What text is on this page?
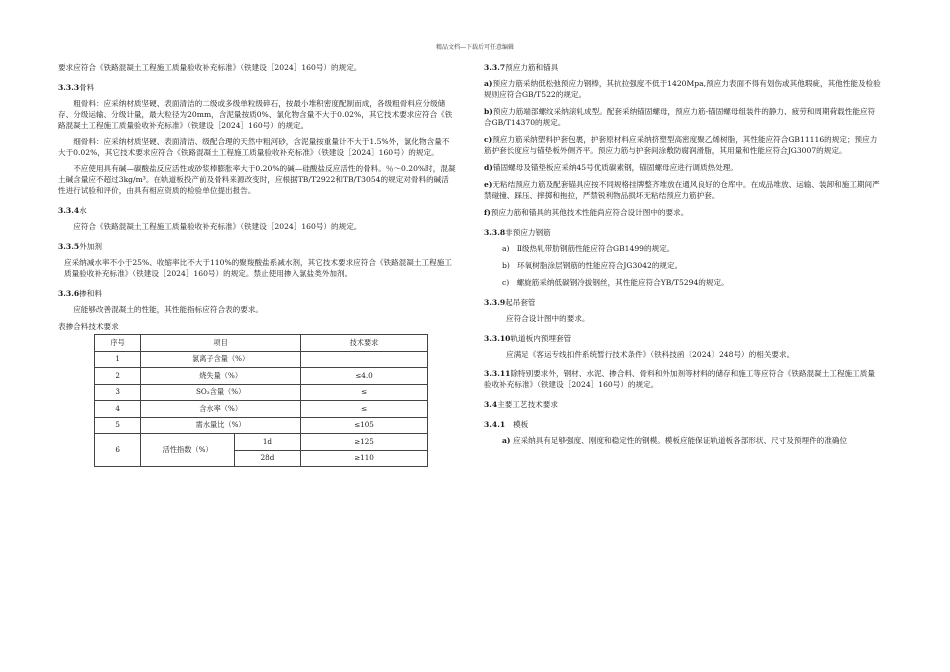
精品文档---下载后可任意编辑

要求应符合《铁路混凝土工程施工质量验收补充标准》（铁建设［2024］160号）的规定。

3.3.3骨料

粗骨料：应采纳材质坚硬、表面清洁的二级或多级单粒级碎石，按最小堆积密度配制而成，各级粗骨料应分级储存、分级运输、分级计量，最大粒径为20mm，含泥量按质0%、氯化物含量不大于0.02%，其它技术要求应符合《铁路混凝土工程施工质量验收补充标准》（铁建设［2024］160号）的规定。

细骨料：应采纳材质坚硬、表面清洁、级配合理的天然中粗河砂，含泥量按重量计不大于1.5%外，氯化物含量不大于0.02%，其它技术要求应符合《铁路混凝土工程施工质量验收补充标准》（铁建设［2024］160号）的规定。

不应使用具有碱—碳酸盐反应活性或砂浆棒膨胀率大于0.20%的碱—硅酸盐反应活性的骨料。％～0.20%时，混凝土碱含量应不超过3kg/m³。在轨道板投产前及骨料来源改变时，应根据TB/T2922和TB/T3054的规定对骨料的碱活性进行试验和评价，由具有相应资质的检验单位提出报告。

3.3.4水

应符合《铁路混凝土工程施工质量验收补充标准》（铁建设［2024］160号）的规定。

3.3.5外加剂

应采纳减水率不小于25%、收缩率比不大于110%的聚羧酸盐系减水剂，其它技术要求应符合《铁路混凝土工程施工质量验收补充标准》（铁建设［2024］160号）的规定。禁止使用掺入氯盐类外加剂。

3.3.6掺和料

应能够改善混凝土的性能，其性能指标应符合表的要求。

表掺合料技术要求

序号	项目		技术要求
1	氯离子含量（%）		
2	烧失量（%）		≤4.0
3	SO₃含量（%）		≤
4	含水率（%）		≤
5	需水量比（%）		≤105
6	活性指数（%）	1d	≥125
		28d	≥110

3.3.7预应力筋和锚具

a)预应力筋采纳低松弛预应力钢棒，其抗拉强度不低于1420Mpa,预应力表面不得有划伤或其他瑕疵，其他性能及检验规则应符合GB/T522的规定。

b)预应力筋端部螺纹采纳滚轧成型。配套采纳锚固螺母，预应力筋-锚固螺母组装件的静力、疲劳和周期荷载性能应符合GB/T14370的规定。

c)预应力筋采纳塑料护套包裹，护套原材料应采纳挤塑型高密度聚乙烯树脂，其性能应符合GB11116的规定；预应力筋护套长度应与锚垫板外侧齐平。预应力筋与护套间涂敷防腐润滑脂，其用量和性能应符合JG3007的规定。

d)锚固螺母及锚垫板应采纳45号优质碳素钢，锚固螺母应进行调质热处理。

e)无粘结预应力筋及配套锚具应按不同规格挂牌整齐堆放在通风良好的仓库中。在成品堆放、运输、装卸和施工期间严禁碰撞、踩压、摔掷和拖拉，严禁锐利物品损坏无粘结预应力筋护套。

f)预应力筋和锚具的其他技术性能尚应符合设计图中的要求。

3.3.8非预应力钢筋

a) Ⅱ级热轧带肋钢筋性能应符合GB1499的规定。

b) 环氧树脂涂层钢筋的性能应符合JG3042的规定。

c) 螺旋筋采纳低碳钢冷拔钢丝，其性能应符合YB/T5294的规定。

3.3.9起吊套管

应符合设计图中的要求。

3.3.10轨道板内预埋套管

应满足《客运专线扣件系统暂行技术条件》（铁科技函〔2024〕248号）的相关要求。

3.3.11除特别要求外，钢材、水泥、掺合料、骨料和外加剂等材料的储存和施工等应符合《铁路混凝土工程施工质量验收补充标准》（铁建设［2024］160号）的规定。

3.4主要工艺技术要求

3.4.1 模板

a) 应采纳具有足够强度、刚度和稳定性的钢模。模板应能保证轨道板各部形状、尺寸及预埋件的准确位
